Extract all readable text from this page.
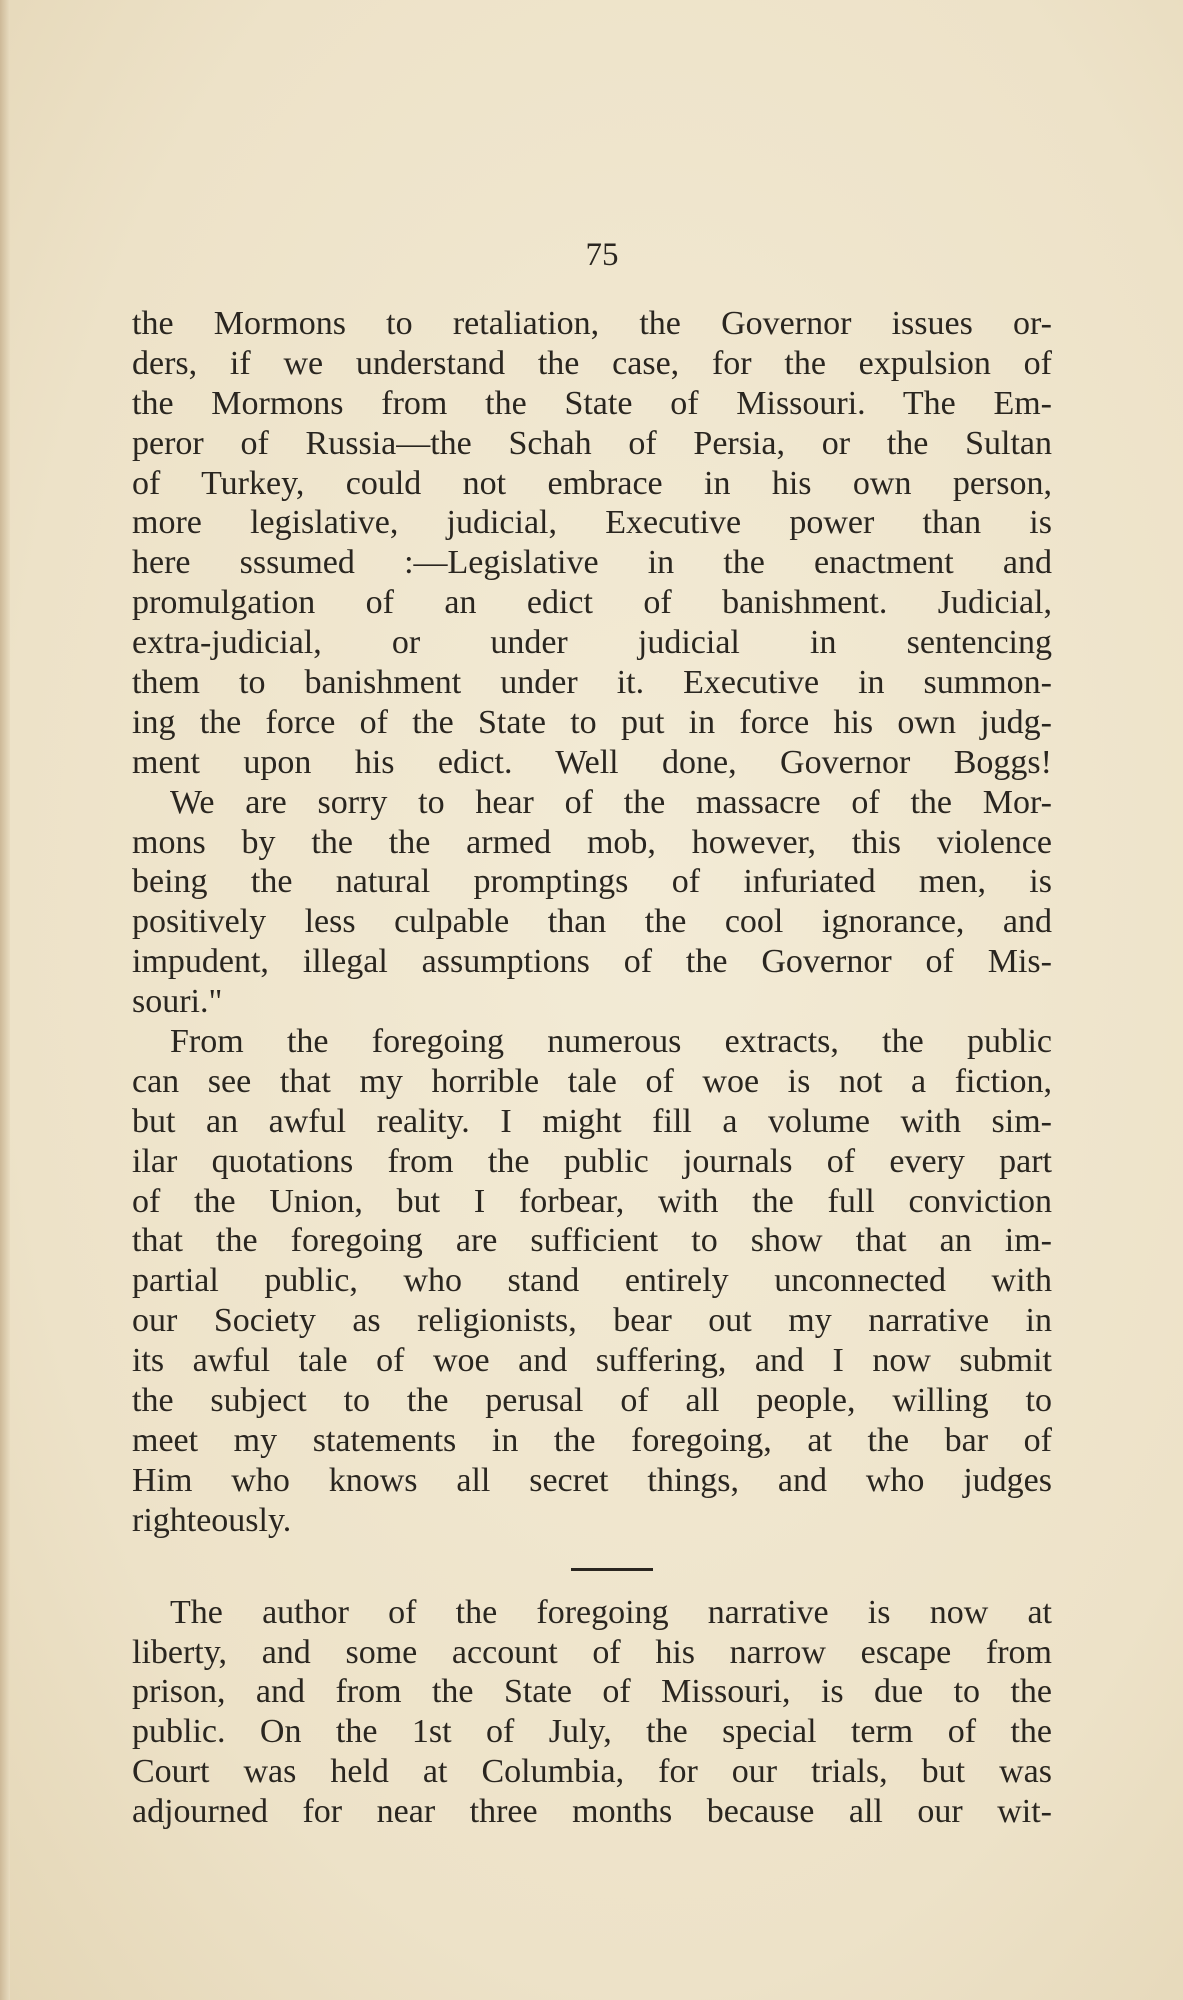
75
the Mormons to retaliation, the Governor issues or-
ders, if we understand the case, for the expulsion of
the Mormons from the State of Missouri. The Em-
peror of Russia—the Schah of Persia, or the Sultan
of Turkey, could not embrace in his own person,
more legislative, judicial, Executive power than is
here sssumed :—Legislative in the enactment and
promulgation of an edict of banishment. Judicial,
extra-judicial, or under judicial in sentencing
them to banishment under it. Executive in summon-
ing the force of the State to put in force his own judg-
ment upon his edict. Well done, Governor Boggs!
We are sorry to hear of the massacre of the Mor-
mons by the the armed mob, however, this violence
being the natural promptings of infuriated men, is
positively less culpable than the cool ignorance, and
impudent, illegal assumptions of the Governor of Mis-
souri."
From the foregoing numerous extracts, the public
can see that my horrible tale of woe is not a fiction,
but an awful reality. I might fill a volume with sim-
ilar quotations from the public journals of every part
of the Union, but I forbear, with the full conviction
that the foregoing are sufficient to show that an im-
partial public, who stand entirely unconnected with
our Society as religionists, bear out my narrative in
its awful tale of woe and suffering, and I now submit
the subject to the perusal of all people, willing to
meet my statements in the foregoing, at the bar of
Him who knows all secret things, and who judges
righteously.
The author of the foregoing narrative is now at
liberty, and some account of his narrow escape from
prison, and from the State of Missouri, is due to the
public. On the 1st of July, the special term of the
Court was held at Columbia, for our trials, but was
adjourned for near three months because all our wit-
